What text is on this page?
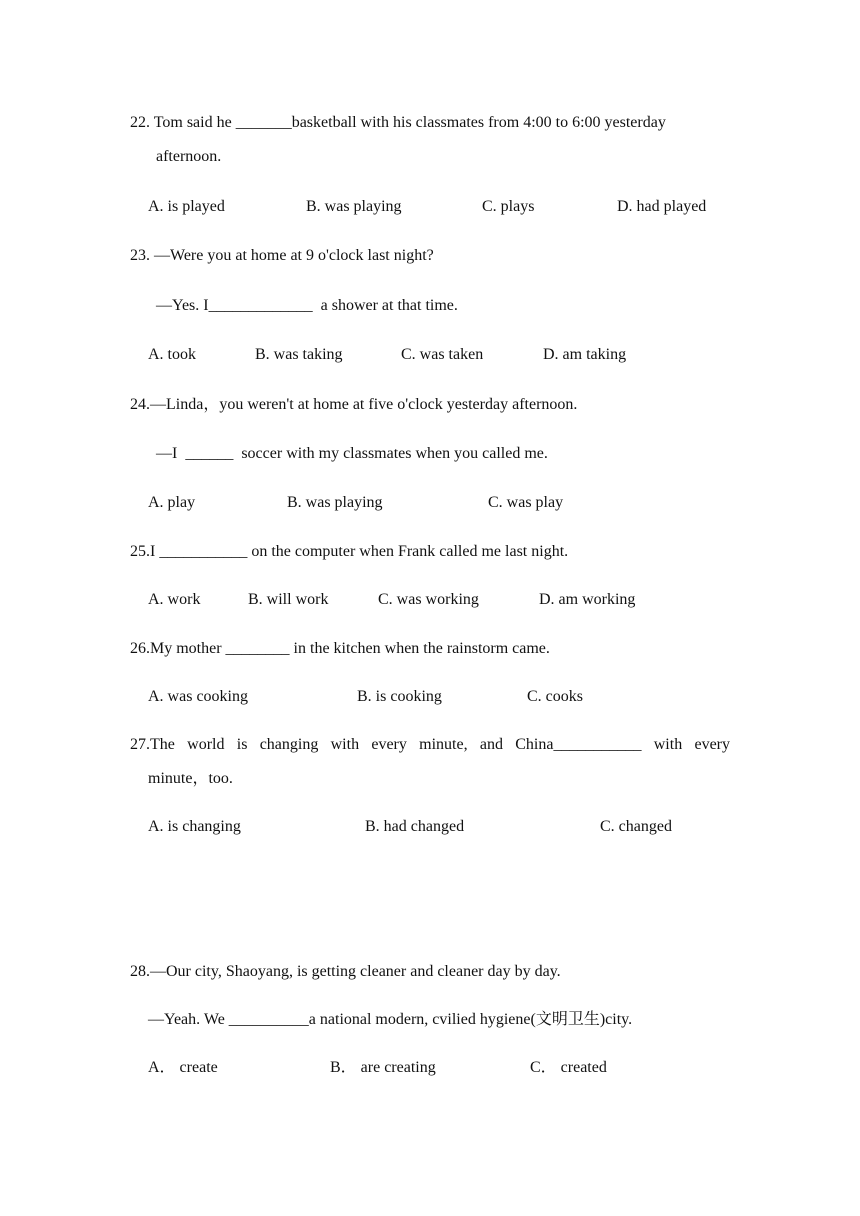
22. Tom said he _______basketball with his classmates from 4:00 to 6:00 yesterday
afternoon.
A. is played	B. was playing	C. plays	D. had played
23. —Were you at home at 9 o'clock last night?
—Yes. I_____________  a shower at that time.
A. took	B. was taking	C. was taken	D. am taking
24.—Linda，you weren't at home at five o'clock yesterday afternoon.
—I  ______  soccer with my classmates when you called me.
A. play	B. was playing	C. was play
25.I ___________ on the computer when Frank called me last night.
A. work	B. will work	C. was working	D. am working
26.My mother ________ in the kitchen when the rainstorm came.
A. was cooking	B. is cooking	C. cooks
27.The world is changing with every minute, and China___________ with every
minute，too.
A. is changing	B. had changed	C. changed
28.—Our city, Shaoyang, is getting cleaner and cleaner day by day.
—Yeah. We __________a national modern, cvilied hygiene(文明卫生)city.
A． create	B． are creating	C． created
